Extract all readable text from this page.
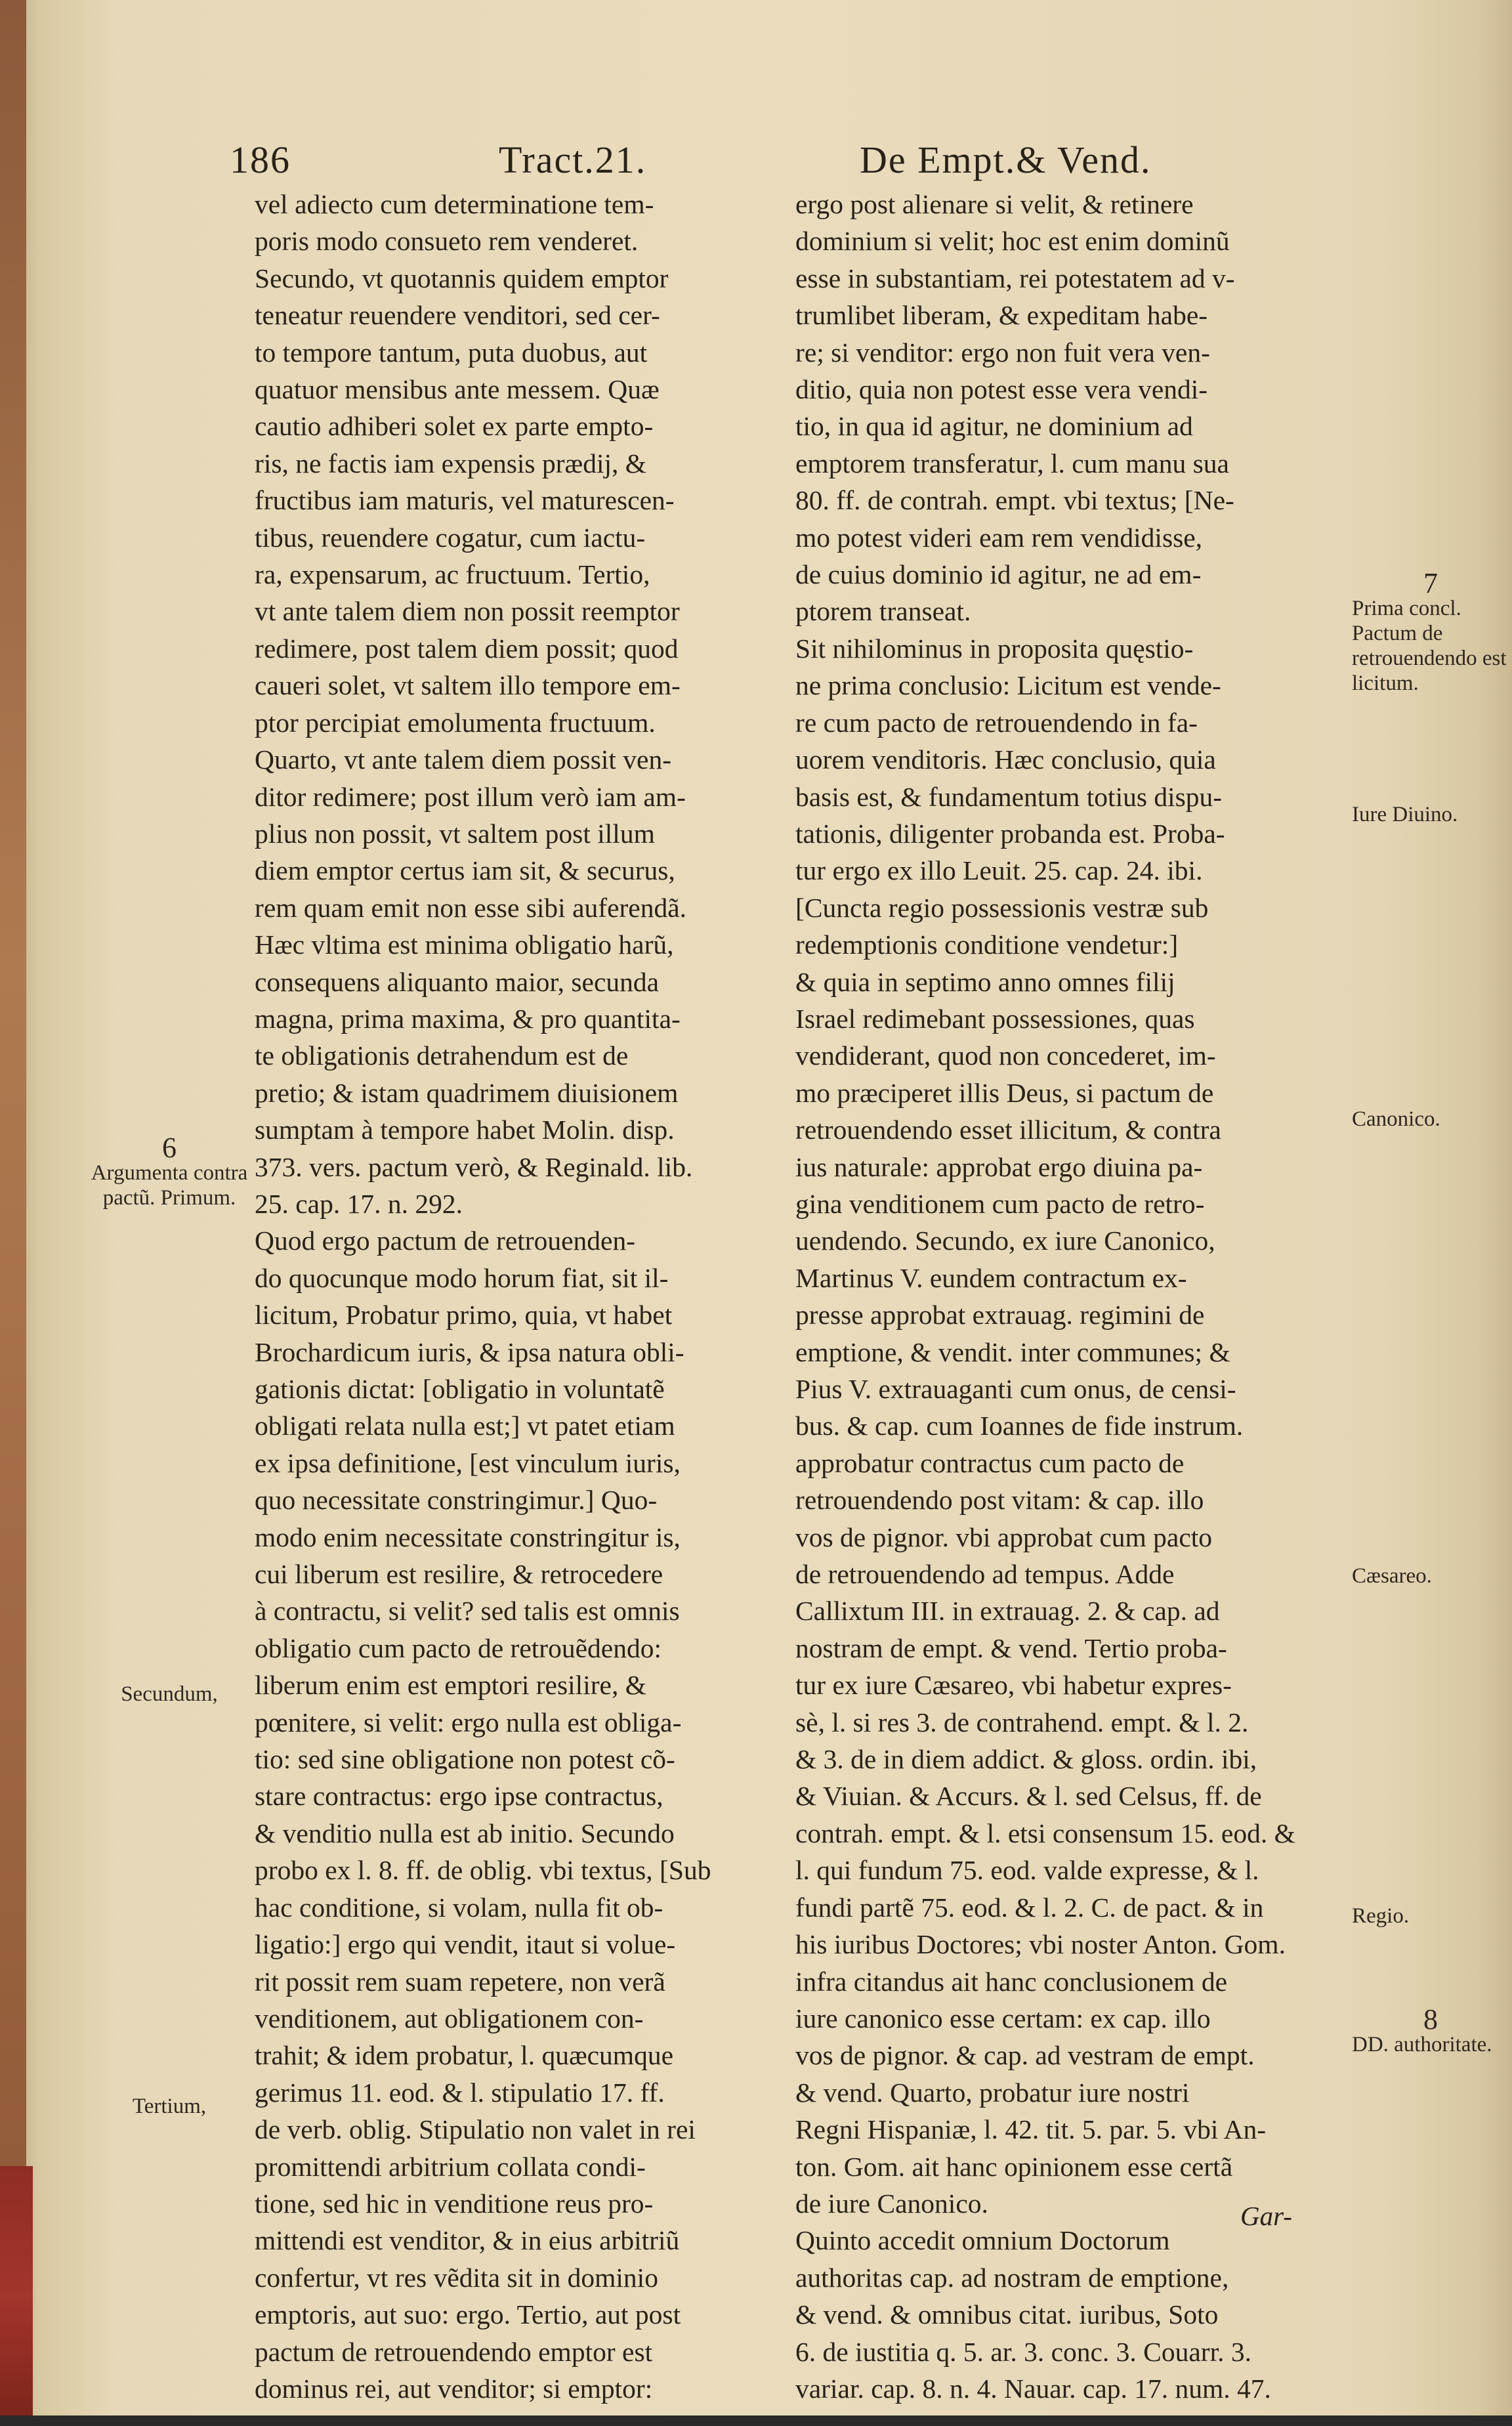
186	Tract.21.	De Empt.& Vend.
vel adiecto cum determinatione tem-
poris modo consueto rem venderet.
Secundo, vt quotannis quidem emptor
teneatur reuendere venditori, sed cer-
to tempore tantum, puta duobus, aut
quatuor mensibus ante messem. Quæ
cautio adhiberi solet ex parte empto-
ris, ne factis iam expensis prædij, &
fructibus iam maturis, vel maturescen-
tibus, reuendere cogatur, cum iactu-
ra, expensarum, ac fructuum. Tertio,
vt ante talem diem non possit reemptor
redimere, post talem diem possit; quod
caueri solet, vt saltem illo tempore em-
ptor percipiat emolumenta fructuum.
Quarto, vt ante talem diem possit ven-
ditor redimere; post illum verò iam am-
plius non possit, vt saltem post illum
diem emptor certus iam sit, & securus,
rem quam emit non esse sibi auferendã.
Hæc vltima est minima obligatio harũ,
consequens aliquanto maior, secunda
magna, prima maxima, & pro quantita-
te obligationis detrahendum est de
pretio; & istam quadrimem diuisionem
sumptam à tempore habet Molin. disp.
373. vers. pactum verò, & Reginald. lib.
25. cap. 17. n. 292.
Quod ergo pactum de retrouenden-
do quocunque modo horum fiat, sit il-
licitum, Probatur primo, quia, vt habet
Brochardicum iuris, & ipsa natura obli-
gationis dictat: [obligatio in voluntatẽ
obligati relata nulla est;] vt patet etiam
ex ipsa definitione, [est vinculum iuris,
quo necessitate constringimur.] Quo-
modo enim necessitate constringitur is,
cui liberum est resilire, & retrocedere
à contractu, si velit? sed talis est omnis
obligatio cum pacto de retrouẽdendo:
liberum enim est emptori resilire, &
pœnitere, si velit: ergo nulla est obliga-
tio: sed sine obligatione non potest cõ-
stare contractus: ergo ipse contractus,
& venditio nulla est ab initio. Secundo
probo ex l. 8. ff. de oblig. vbi textus, [Sub
hac conditione, si volam, nulla fit ob-
ligatio:] ergo qui vendit, itaut si volue-
rit possit rem suam repetere, non verã
venditionem, aut obligationem con-
trahit; & idem probatur, l. quæcumque
gerimus 11. eod. & l. stipulatio 17. ff.
de verb. oblig. Stipulatio non valet in rei
promittendi arbitrium collata condi-
tione, sed hic in venditione reus pro-
mittendi est venditor, & in eius arbitriũ
confertur, vt res vẽdita sit in dominio
emptoris, aut suo: ergo. Tertio, aut post
pactum de retrouendendo emptor est
dominus rei, aut venditor; si emptor:
ergo post alienare si velit, & retinere
dominium si velit; hoc est enim dominũ
esse in substantiam, rei potestatem ad v-
trumlibet liberam, & expeditam habe-
re; si venditor: ergo non fuit vera ven-
ditio, quia non potest esse vera vendi-
tio, in qua id agitur, ne dominium ad
emptorem transferatur, l. cum manu sua
80. ff. de contrah. empt. vbi textus; [Ne-
mo potest videri eam rem vendidisse,
de cuius dominio id agitur, ne ad em-
ptorem transeat.
Sit nihilominus in proposita quęstio-
ne prima conclusio: Licitum est vende-
re cum pacto de retrouendendo in fa-
uorem venditoris. Hæc conclusio, quia
basis est, & fundamentum totius dispu-
tationis, diligenter probanda est. Proba-
tur ergo ex illo Leuit. 25. cap. 24. ibi.
[Cuncta regio possessionis vestræ sub
redemptionis conditione vendetur:]
& quia in septimo anno omnes filij
Israel redimebant possessiones, quas
vendiderant, quod non concederet, im-
mo præciperet illis Deus, si pactum de
retrouendendo esset illicitum, & contra
ius naturale: approbat ergo diuina pa-
gina venditionem cum pacto de retro-
uendendo. Secundo, ex iure Canonico,
Martinus V. eundem contractum ex-
presse approbat extrauag. regimini de
emptione, & vendit. inter communes; &
Pius V. extrauaganti cum onus, de censi-
bus. & cap. cum Ioannes de fide instrum.
approbatur contractus cum pacto de
retrouendendo post vitam: & cap. illo
vos de pignor. vbi approbat cum pacto
de retrouendendo ad tempus. Adde
Callixtum III. in extrauag. 2. & cap. ad
nostram de empt. & vend. Tertio proba-
tur ex iure Cæsareo, vbi habetur expres-
sè, l. si res 3. de contrahend. empt. & l. 2.
& 3. de in diem addict. & gloss. ordin. ibi,
& Viuian. & Accurs. & l. sed Celsus, ff. de
contrah. empt. & l. etsi consensum 15. eod. &
l. qui fundum 75. eod. valde expresse, & l.
fundi partẽ 75. eod. & l. 2. C. de pact. & in
his iuribus Doctores; vbi noster Anton. Gom.
infra citandus ait hanc conclusionem de
iure canonico esse certam: ex cap. illo
vos de pignor. & cap. ad vestram de empt.
& vend. Quarto, probatur iure nostri
Regni Hispaniæ, l. 42. tit. 5. par. 5. vbi An-
ton. Gom. ait hanc opinionem esse certã
de iure Canonico.
Quinto accedit omnium Doctorum
authoritas cap. ad nostram de emptione,
& vend. & omnibus citat. iuribus, Soto
6. de iustitia q. 5. ar. 3. conc. 3. Couarr. 3.
variar. cap. 8. n. 4. Nauar. cap. 17. num. 47.
6
Argumenta contra pactũ. Primum.
Secundum,
Tertium,
7
Prima concl. Pactum de retrouendendo est licitum.
Iure Diuino.
Canonico.
Cæsareo.
Regio.
8
DD. authoritate.
Gar-
